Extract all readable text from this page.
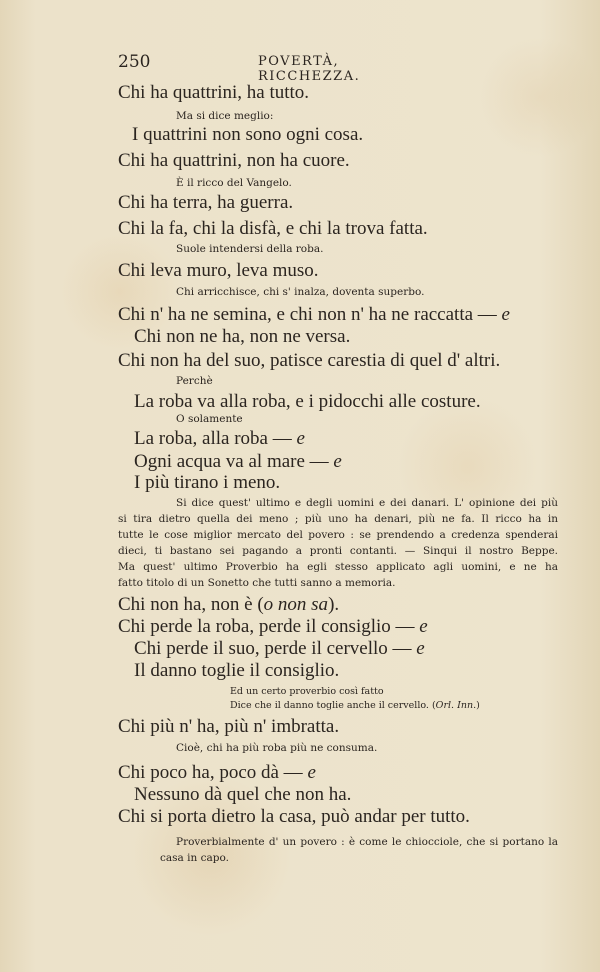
250	POVERTÀ, RICCHEZZA.
Chi ha quattrini, ha tutto.
Ma si dice meglio:
I quattrini non sono ogni cosa.
Chi ha quattrini, non ha cuore.
È il ricco del Vangelo.
Chi ha terra, ha guerra.
Chi la fa, chi la disfà, e chi la trova fatta.
Suole intendersi della roba.
Chi leva muro, leva muso.
Chi arricchisce, chi s' inalza, doventa superbo.
Chi n' ha ne semina, e chi non n' ha ne raccatta — e
Chi non ne ha, non ne versa.
Chi non ha del suo, patisce carestia di quel d' altri.
Perchè
La roba va alla roba, e i pidocchi alle costure.
O solamente
La roba, alla roba — e
Ogni acqua va al mare — e
I più tirano i meno.
Si dice quest' ultimo e degli uomini e dei danari. L' opinione dei più
si tira dietro quella dei meno ; più uno ha denari, più ne fa. Il ricco ha in
tutte le cose miglior mercato del povero : se prendendo a credenza spenderai
dieci, ti bastano sei pagando a pronti contanti. — Sinqui il nostro Beppe.
Ma quest' ultimo Proverbio ha egli stesso applicato agli uomini, e ne ha
fatto titolo di un Sonetto che tutti sanno a memoria.
Chi non ha, non è (o non sa).
Chi perde la roba, perde il consiglio — e
Chi perde il suo, perde il cervello — e
Il danno toglie il consiglio.
Ed un certo proverbio così fatto
Dice che il danno toglie anche il cervello. (Orl. Inn.)
Chi più n' ha, più n' imbratta.
Cioè, chi ha più roba più ne consuma.
Chi poco ha, poco dà — e
Nessuno dà quel che non ha.
Chi si porta dietro la casa, può andar per tutto.
Proverbialmente d' un povero : è come le chiocciole, che si portano la
casa in capo.
